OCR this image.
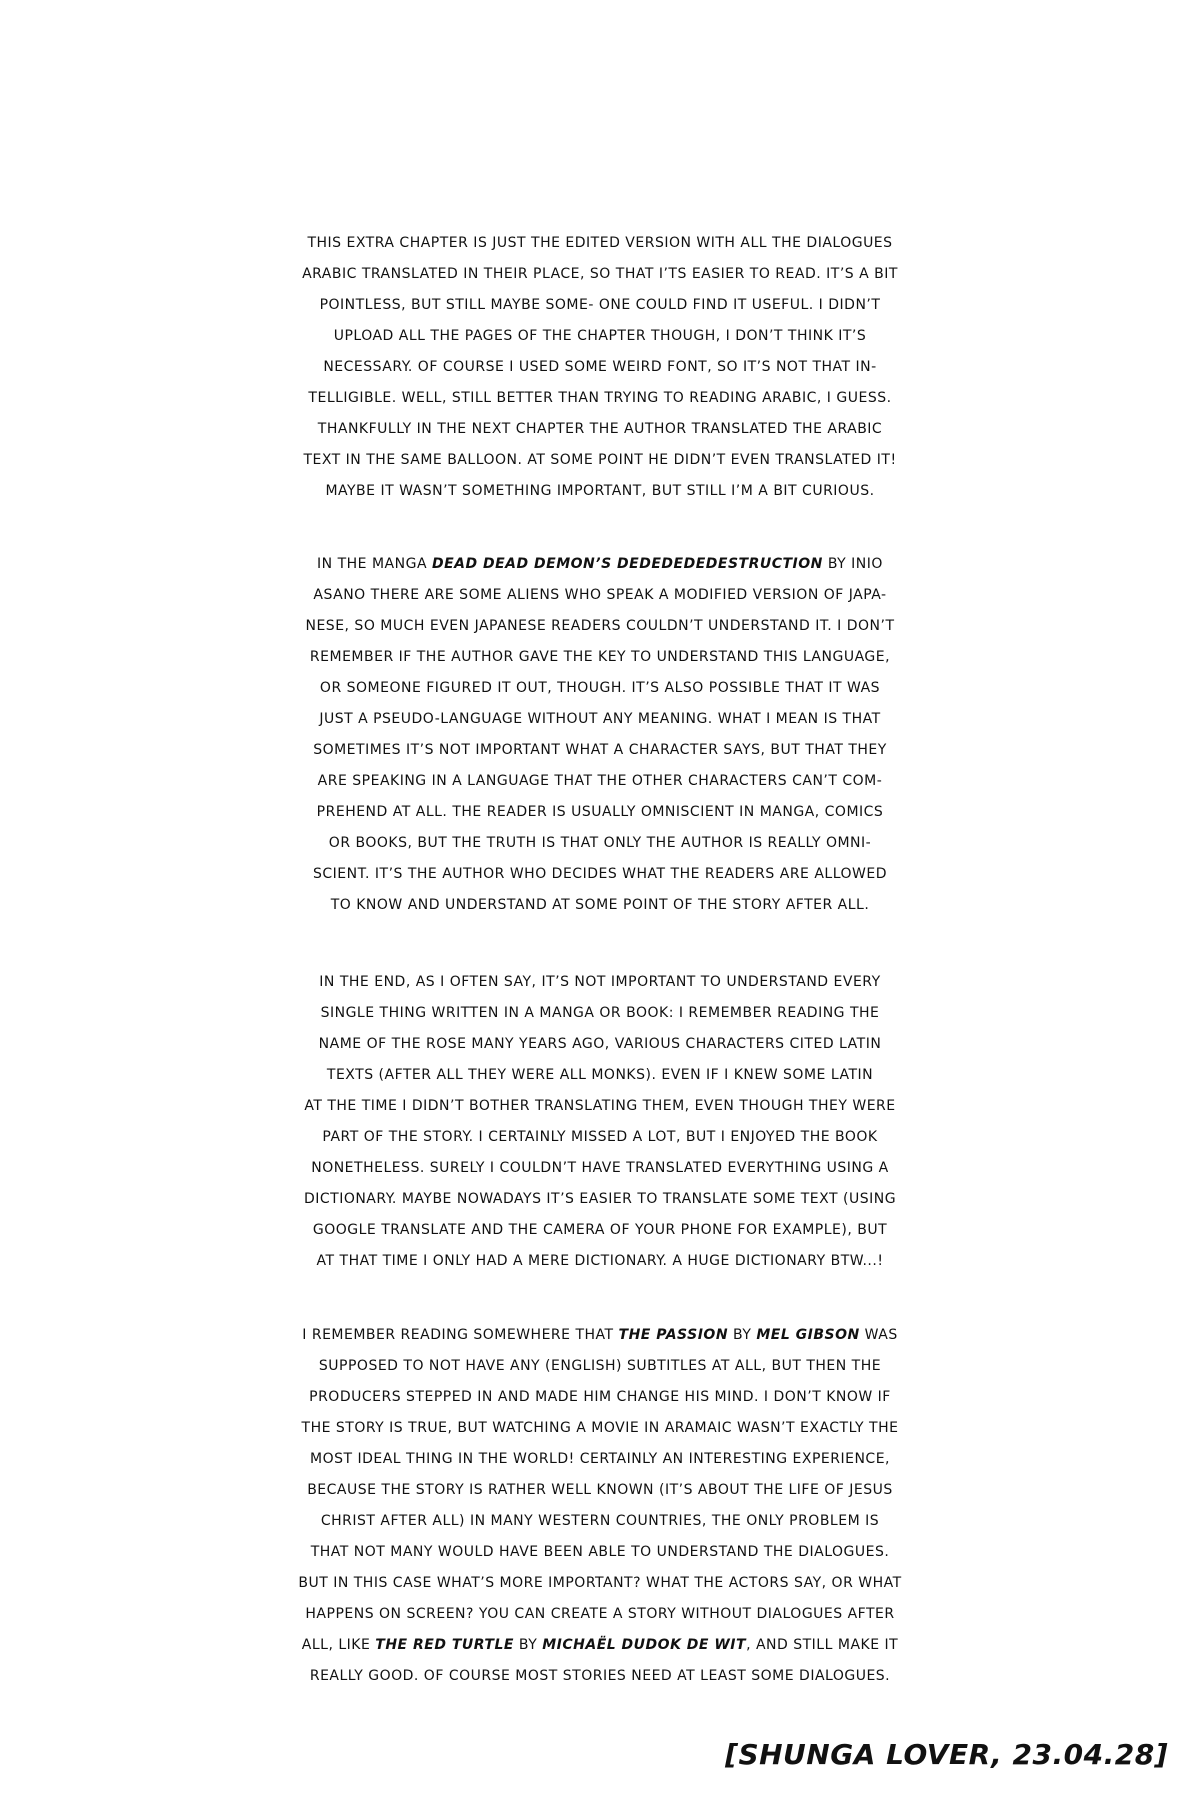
THIS EXTRA CHAPTER IS JUST THE EDITED VERSION WITH ALL THE DIALOGUES
ARABIC TRANSLATED IN THEIR PLACE, SO THAT I’TS EASIER TO READ. IT’S A BIT
POINTLESS, BUT STILL MAYBE SOME- ONE COULD FIND IT USEFUL. I DIDN’T
UPLOAD ALL THE PAGES OF THE CHAPTER THOUGH, I DON’T THINK IT’S
NECESSARY. OF COURSE I USED SOME WEIRD FONT, SO IT’S NOT THAT IN-
TELLIGIBLE. WELL, STILL BETTER THAN TRYING TO READING ARABIC, I GUESS.
THANKFULLY IN THE NEXT CHAPTER THE AUTHOR TRANSLATED THE ARABIC
TEXT IN THE SAME BALLOON. AT SOME POINT HE DIDN’T EVEN TRANSLATED IT!
MAYBE IT WASN’T SOMETHING IMPORTANT, BUT STILL I’M A BIT CURIOUS.
IN THE MANGA DEAD DEAD DEMON’S DEDEDEDEDESTRUCTION BY INIO
ASANO THERE ARE SOME ALIENS WHO SPEAK A MODIFIED VERSION OF JAPA-
NESE, SO MUCH EVEN JAPANESE READERS COULDN’T UNDERSTAND IT. I DON’T
REMEMBER IF THE AUTHOR GAVE THE KEY TO UNDERSTAND THIS LANGUAGE,
OR SOMEONE FIGURED IT OUT, THOUGH. IT’S ALSO POSSIBLE THAT IT WAS
JUST A PSEUDO-LANGUAGE WITHOUT ANY MEANING. WHAT I MEAN IS THAT
SOMETIMES IT’S NOT IMPORTANT WHAT A CHARACTER SAYS, BUT THAT THEY
ARE SPEAKING IN A LANGUAGE THAT THE OTHER CHARACTERS CAN’T COM-
PREHEND AT ALL. THE READER IS USUALLY OMNISCIENT IN MANGA, COMICS
OR BOOKS, BUT THE TRUTH IS THAT ONLY THE AUTHOR IS REALLY OMNI-
SCIENT. IT’S THE AUTHOR WHO DECIDES WHAT THE READERS ARE ALLOWED
TO KNOW AND UNDERSTAND AT SOME POINT OF THE STORY AFTER ALL.
IN THE END, AS I OFTEN SAY, IT’S NOT IMPORTANT TO UNDERSTAND EVERY
SINGLE THING WRITTEN IN A MANGA OR BOOK: I REMEMBER READING THE
NAME OF THE ROSE MANY YEARS AGO, VARIOUS CHARACTERS CITED LATIN
TEXTS (AFTER ALL THEY WERE ALL MONKS). EVEN IF I KNEW SOME LATIN
AT THE TIME I DIDN’T BOTHER TRANSLATING THEM, EVEN THOUGH THEY WERE
PART OF THE STORY. I CERTAINLY MISSED A LOT, BUT I ENJOYED THE BOOK
NONETHELESS. SURELY I COULDN’T HAVE TRANSLATED EVERYTHING USING A
DICTIONARY. MAYBE NOWADAYS IT’S EASIER TO TRANSLATE SOME TEXT (USING
GOOGLE TRANSLATE AND THE CAMERA OF YOUR PHONE FOR EXAMPLE), BUT
AT THAT TIME I ONLY HAD A MERE DICTIONARY. A HUGE DICTIONARY BTW...!
I REMEMBER READING SOMEWHERE THAT THE PASSION BY MEL GIBSON WAS
SUPPOSED TO NOT HAVE ANY (ENGLISH) SUBTITLES AT ALL, BUT THEN THE
PRODUCERS STEPPED IN AND MADE HIM CHANGE HIS MIND. I DON’T KNOW IF
THE STORY IS TRUE, BUT WATCHING A MOVIE IN ARAMAIC WASN’T EXACTLY THE
MOST IDEAL THING IN THE WORLD! CERTAINLY AN INTERESTING EXPERIENCE,
BECAUSE THE STORY IS RATHER WELL KNOWN (IT’S ABOUT THE LIFE OF JESUS
CHRIST AFTER ALL) IN MANY WESTERN COUNTRIES, THE ONLY PROBLEM IS
THAT NOT MANY WOULD HAVE BEEN ABLE TO UNDERSTAND THE DIALOGUES.
BUT IN THIS CASE WHAT’S MORE IMPORTANT? WHAT THE ACTORS SAY, OR WHAT
HAPPENS ON SCREEN? YOU CAN CREATE A STORY WITHOUT DIALOGUES AFTER
ALL, LIKE THE RED TURTLE BY MICHAËL DUDOK DE WIT, AND STILL MAKE IT
REALLY GOOD. OF COURSE MOST STORIES NEED AT LEAST SOME DIALOGUES.
[SHUNGA LOVER, 23.04.28]
